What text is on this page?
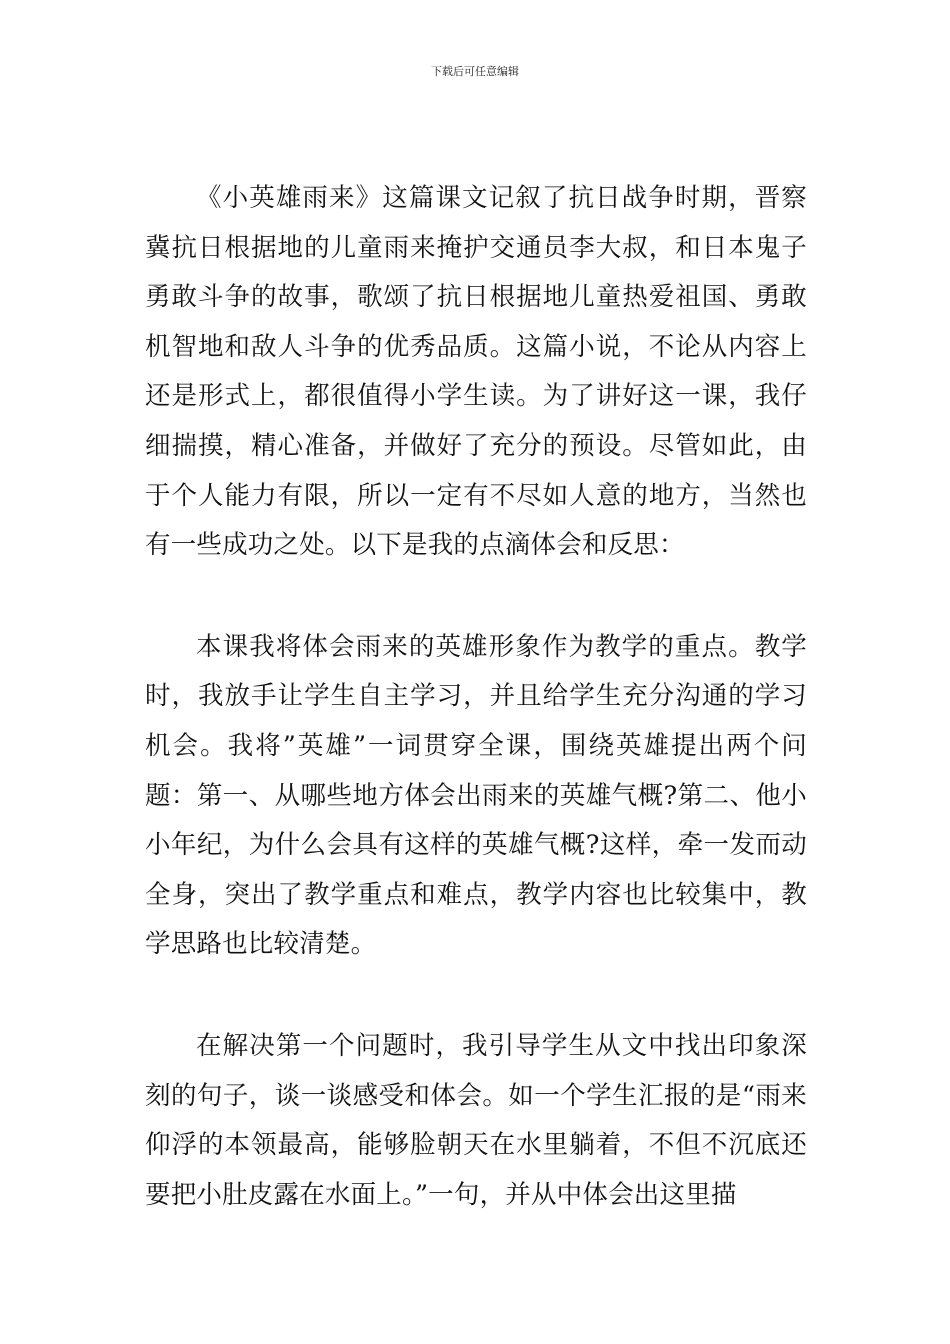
下载后可任意编辑

《小英雄雨来》这篇课文记叙了抗日战争时期，晋察冀抗日根据地的儿童雨来掩护交通员李大叔，和日本鬼子勇敢斗争的故事，歌颂了抗日根据地儿童热爱祖国、勇敢机智地和敌人斗争的优秀品质。这篇小说，不论从内容上还是形式上，都很值得小学生读。为了讲好这一课，我仔细揣摸，精心准备，并做好了充分的预设。尽管如此，由于个人能力有限，所以一定有不尽如人意的地方，当然也有一些成功之处。以下是我的点滴体会和反思：

本课我将体会雨来的英雄形象作为教学的重点。教学时，我放手让学生自主学习，并且给学生充分沟通的学习机会。我将”英雄”一词贯穿全课，围绕英雄提出两个问题：第一、从哪些地方体会出雨来的英雄气概?第二、他小小年纪，为什么会具有这样的英雄气概?这样，牵一发而动全身，突出了教学重点和难点，教学内容也比较集中，教学思路也比较清楚。

在解决第一个问题时，我引导学生从文中找出印象深刻的句子，谈一谈感受和体会。如一个学生汇报的是“雨来仰浮的本领最高，能够脸朝天在水里躺着，不但不沉底还要把小肚皮露在水面上。”一句，并从中体会出这里描
